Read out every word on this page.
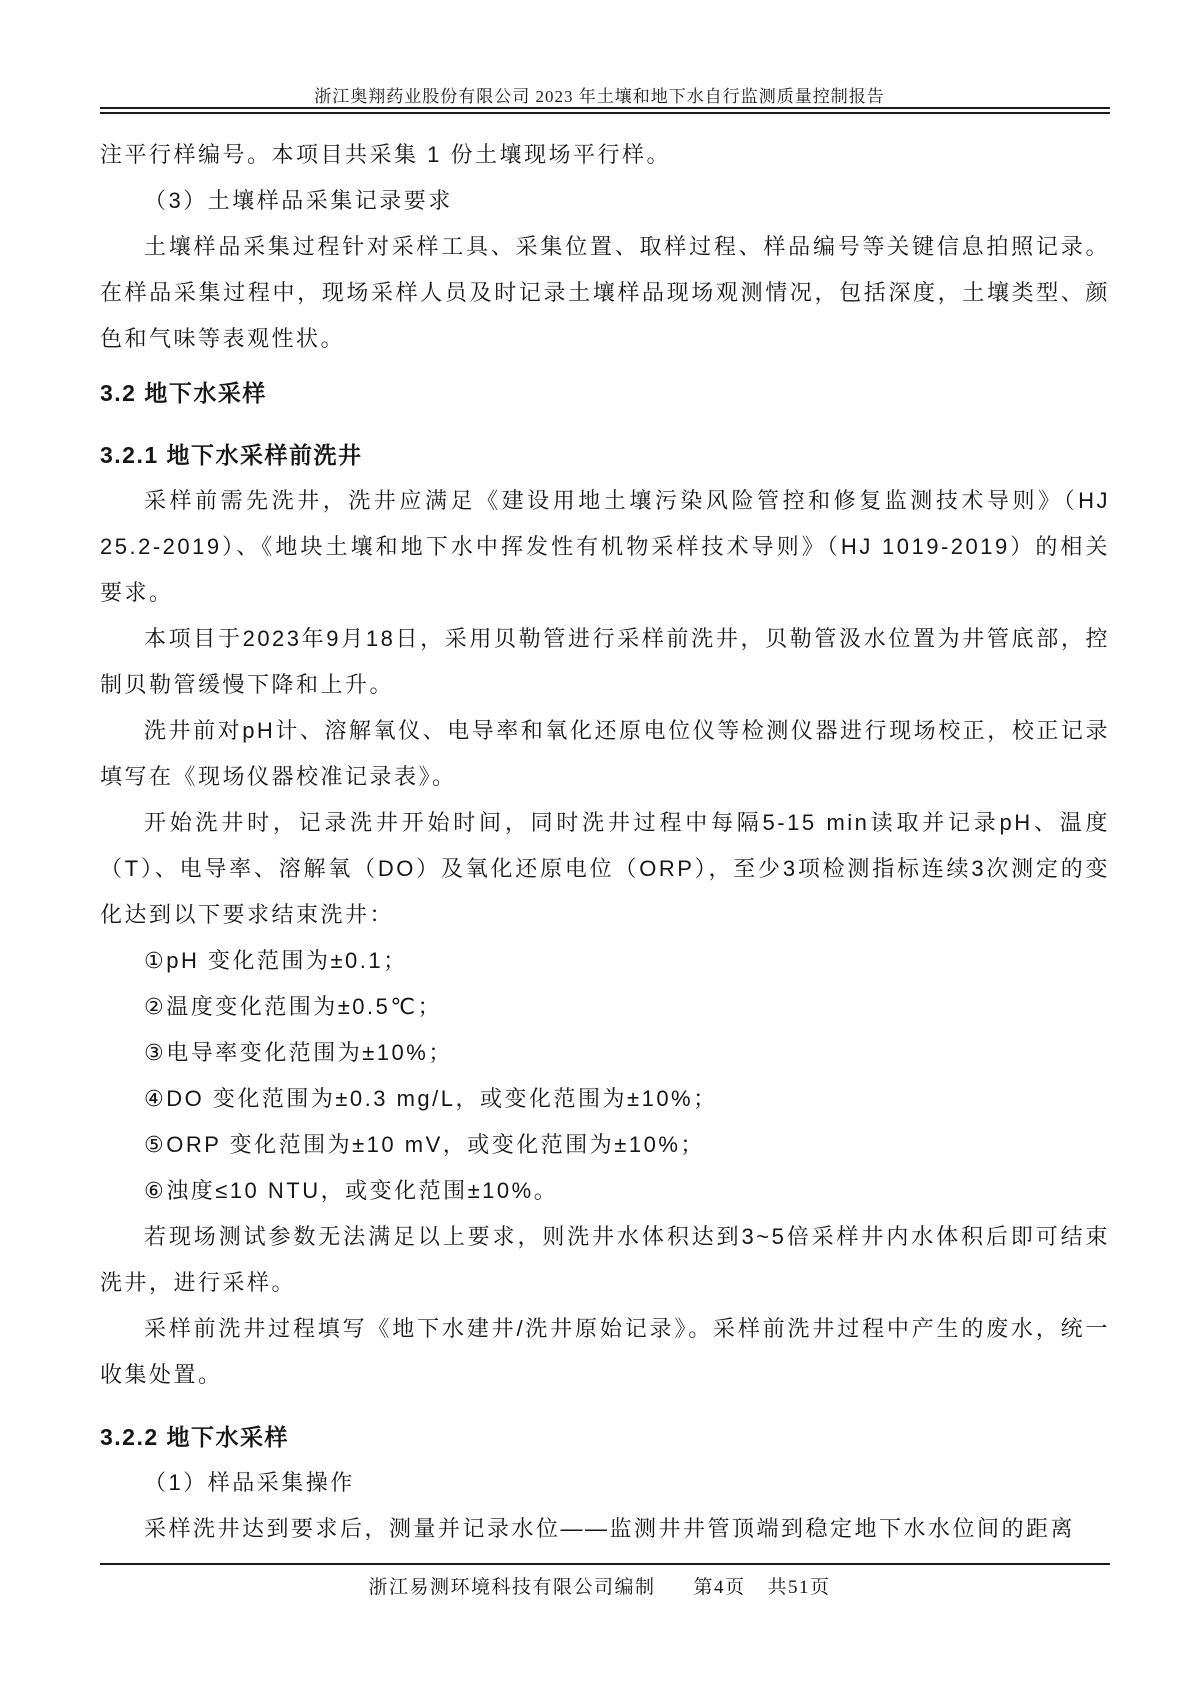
浙江奥翔药业股份有限公司 2023 年土壤和地下水自行监测质量控制报告
注平行样编号。本项目共采集 1 份土壤现场平行样。
（3）土壤样品采集记录要求
土壤样品采集过程针对采样工具、采集位置、取样过程、样品编号等关键信息拍照记录。在样品采集过程中，现场采样人员及时记录土壤样品现场观测情况，包括深度，土壤类型、颜色和气味等表观性状。
3.2 地下水采样
3.2.1 地下水采样前洗井
采样前需先洗井，洗井应满足《建设用地土壤污染风险管控和修复监测技术导则》（HJ 25.2-2019）、《地块土壤和地下水中挥发性有机物采样技术导则》（HJ 1019-2019）的相关要求。
本项目于2023年9月18日，采用贝勒管进行采样前洗井，贝勒管汲水位置为井管底部，控制贝勒管缓慢下降和上升。
洗井前对pH计、溶解氧仪、电导率和氧化还原电位仪等检测仪器进行现场校正，校正记录填写在《现场仪器校准记录表》。
开始洗井时，记录洗井开始时间，同时洗井过程中每隔5-15 min读取并记录pH、温度（T）、电导率、溶解氧（DO）及氧化还原电位（ORP），至少3项检测指标连续3次测定的变化达到以下要求结束洗井：
①pH 变化范围为±0.1；
②温度变化范围为±0.5℃；
③电导率变化范围为±10%；
④DO 变化范围为±0.3 mg/L，或变化范围为±10%；
⑤ORP 变化范围为±10 mV，或变化范围为±10%；
⑥浊度≤10 NTU，或变化范围±10%。
若现场测试参数无法满足以上要求，则洗井水体积达到3~5倍采样井内水体积后即可结束洗井，进行采样。
采样前洗井过程填写《地下水建井/洗井原始记录》。采样前洗井过程中产生的废水，统一收集处置。
3.2.2 地下水采样
（1）样品采集操作
采样洗井达到要求后，测量并记录水位——监测井井管顶端到稳定地下水水位间的距离
浙江易测环境科技有限公司编制 第4页 共51页
